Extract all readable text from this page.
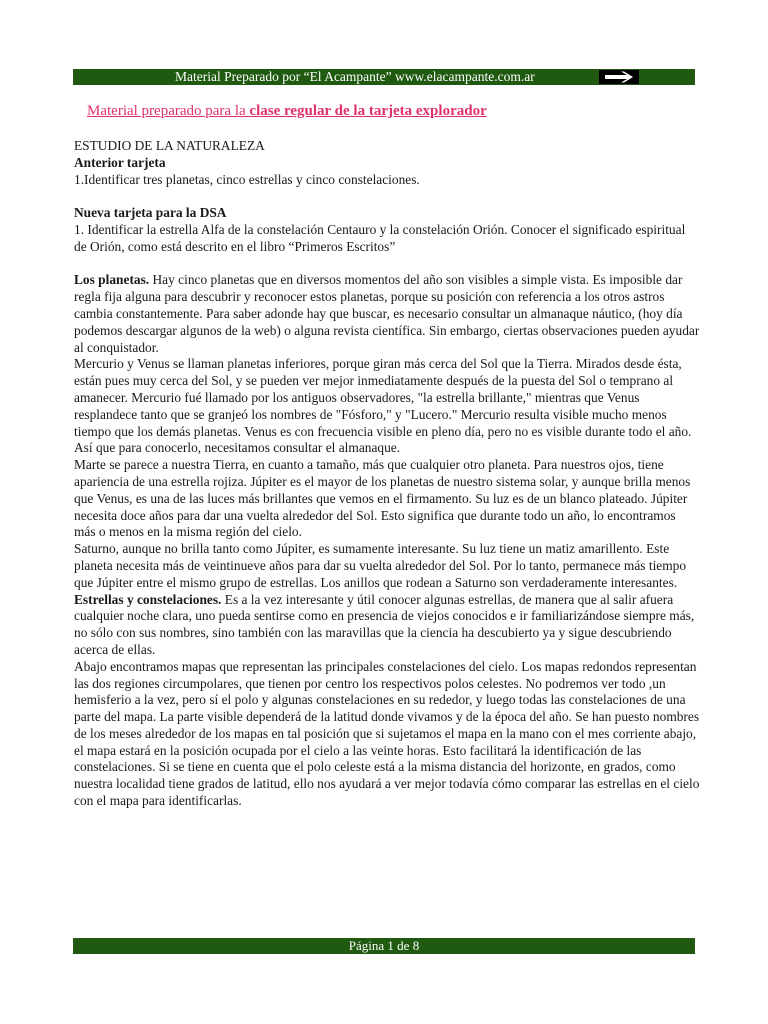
Material Preparado por “El Acampante” www.elacampante.com.ar
Material preparado para la clase regular de la tarjeta explorador

ESTUDIO DE LA NATURALEZA

Anterior tarjeta

1.Identificar tres planetas, cinco estrellas y cinco constelaciones.

Nueva tarjeta para la DSA

1. Identificar la estrella Alfa de la constelación Centauro y la constelación Orión. Conocer el significado espiritual de Orión, como está descrito en el libro “Primeros Escritos”

Los planetas. Hay cinco planetas que en diversos momentos del año son visibles a simple vista. Es imposible dar regla fija alguna para descubrir y reconocer estos planetas, porque su posición con referencia a los otros astros cambia constantemente. Para saber adonde hay que buscar, es necesario consultar un almanaque náutico, (hoy día podemos descargar algunos de la web) o alguna revista científica. Sin embargo, ciertas observaciones pueden ayudar al conquistador.

Mercurio y Venus se llaman planetas inferiores, porque giran más cerca del Sol que la Tierra. Mirados desde ésta, están pues muy cerca del Sol, y se pueden ver mejor inmediatamente después de la puesta del Sol o temprano al amanecer. Mercurio fué llamado por los antiguos observadores, "la estrella brillante," mientras que Venus resplandece tanto que se granjeó los nombres de "Fósforo," y "Lucero." Mercurio resulta visible mucho menos tiempo que los demás planetas. Venus es con frecuencia visible en pleno día, pero no es visible durante todo el año. Así que para conocerlo, necesitamos consultar el almanaque.

Marte se parece a nuestra Tierra, en cuanto a tamaño, más que cualquier otro planeta. Para nuestros ojos, tiene apariencia de una estrella rojiza. Júpiter es el mayor de los planetas de nuestro sistema solar, y aunque brilla menos que Venus, es una de las luces más brillantes que vemos en el firmamento. Su luz es de un blanco plateado. Júpiter necesita doce años para dar una vuelta alrededor del Sol. Esto significa que durante todo un año, lo encontramos más o menos en la misma región del cielo.

Saturno, aunque no brilla tanto como Júpiter, es sumamente interesante. Su luz tiene un matiz amarillento. Este planeta necesita más de veintinueve años para dar su vuelta alrededor del Sol. Por lo tanto, permanece más tiempo que Júpiter entre el mismo grupo de estrellas. Los anillos que rodean a Saturno son verdaderamente interesantes.

Estrellas y constelaciones. Es a la vez interesante y útil conocer algunas estrellas, de manera que al salir afuera cualquier noche clara, uno pueda sentirse como en presencia de viejos conocidos e ir familiarizándose siempre más, no sólo con sus nombres, sino también con las maravillas que la ciencia ha descubierto ya y sigue descubriendo acerca de ellas.

Abajo encontramos mapas que representan las principales constelaciones del cielo. Los mapas redondos representan las dos regiones circumpolares, que tienen por centro los respectivos polos celestes. No podremos ver todo ,un hemisferio a la vez, pero sí el polo y algunas constelaciones en su rededor, y luego todas las constelaciones de una parte del mapa. La parte visible dependerá de la latitud donde vivamos y de la época del año. Se han puesto nombres de los meses alrededor de los mapas en tal posición que si sujetamos el mapa en la mano con el mes corriente abajo, el mapa estará en la posición ocupada por el cielo a las veinte horas. Esto facilitará la identificación de las constelaciones. Si se tiene en cuenta que el polo celeste está a la misma distancia del horizonte, en grados, como nuestra localidad tiene grados de latitud, ello nos ayudará a ver mejor todavía cómo comparar las estrellas en el cielo con el mapa para identificarlas.

Página 1 de 8
